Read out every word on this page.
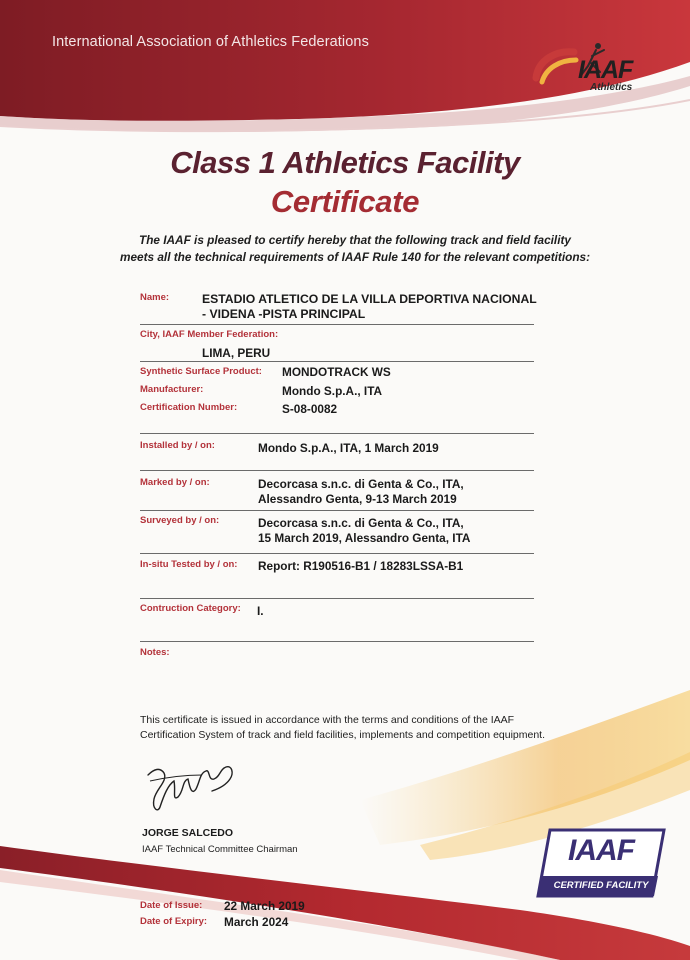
International Association of Athletics Federations
IAAF
Athletics
Class 1 Athletics Facility
Certificate
The IAAF is pleased to certify hereby that the following track and field facility
meets all the technical requirements of IAAF Rule 140 for the relevant competitions:
Name:	ESTADIO ATLETICO DE LA VILLA DEPORTIVA NACIONAL
- VIDENA -PISTA PRINCIPAL
City, IAAF Member Federation:
LIMA, PERU
Synthetic Surface Product: MONDOTRACK WS
Manufacturer:	Mondo S.p.A., ITA
Certification Number:	S-08-0082
Installed by / on:	Mondo S.p.A., ITA, 1 March 2019
Marked by / on:	Decorcasa s.n.c. di Genta & Co., ITA,
Alessandro Genta, 9-13 March 2019
Surveyed by / on:	Decorcasa s.n.c. di Genta & Co., ITA,
15 March 2019, Alessandro Genta, ITA
In-situ Tested by / on: Report: R190516-B1 / 18283LSSA-B1
Contruction Category: I.
Notes:
This certificate is issued in accordance with the terms and conditions of the IAAF
Certification System of track and field facilities, implements and competition equipment.
JORGE SALCEDO
IAAF Technical Committee Chairman	IAAF
CERTIFIED FACILITY
Date of Issue: 22 March 2019
Date of Expiry: March 2024
